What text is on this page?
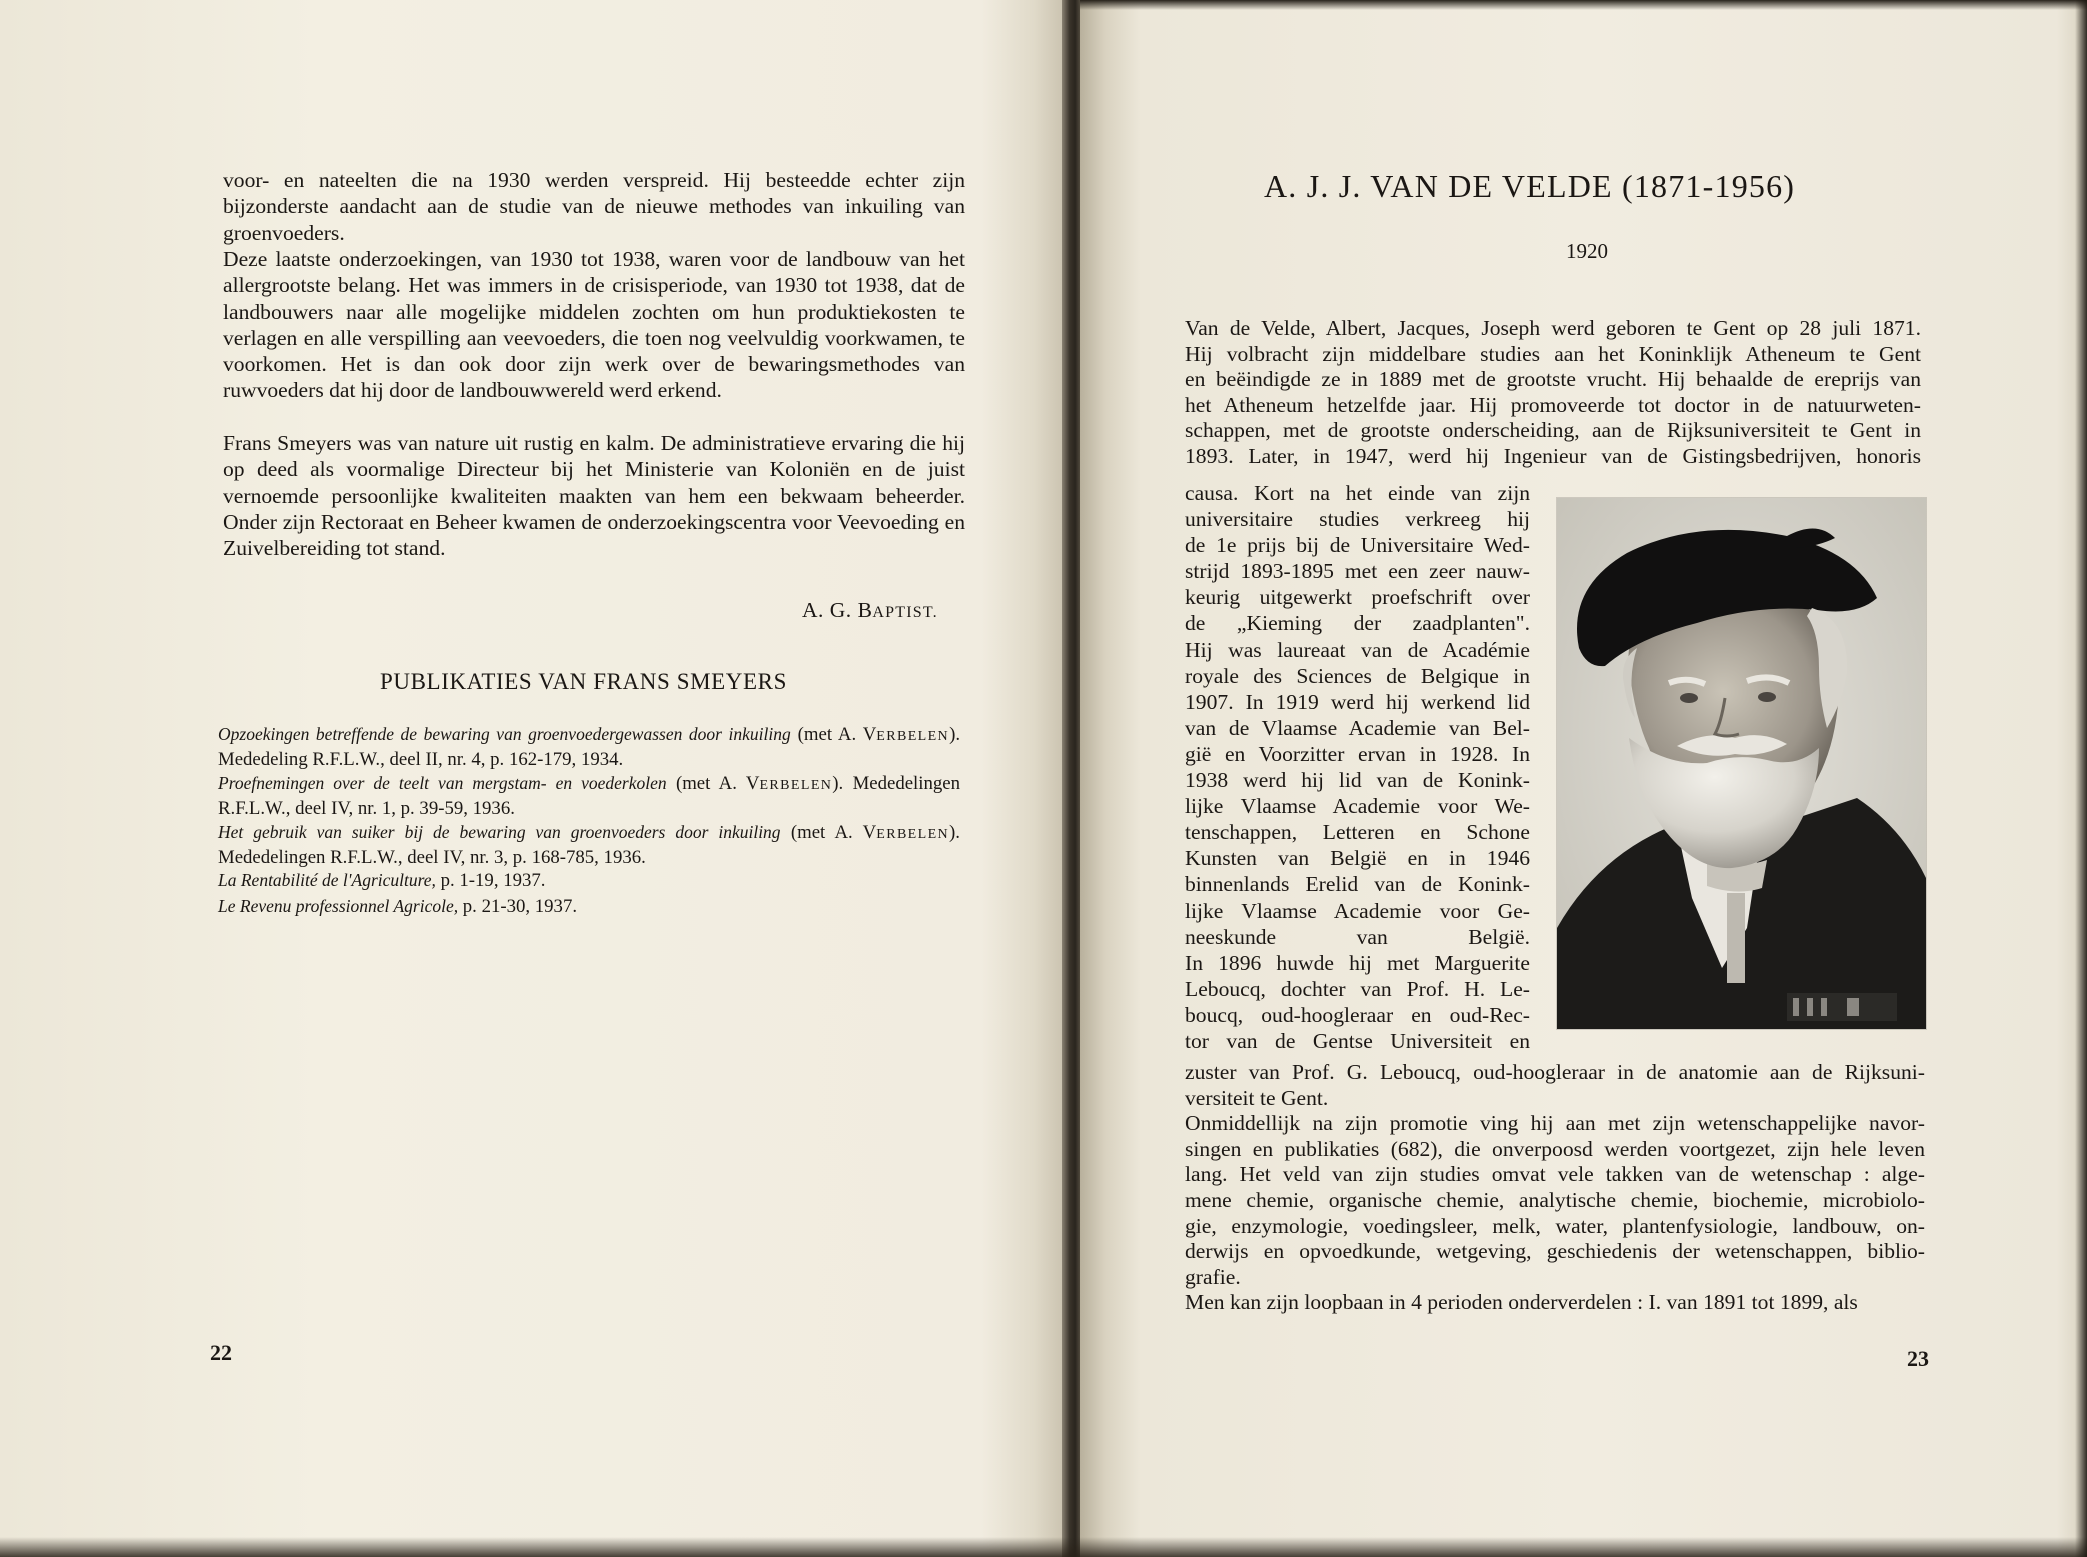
voor- en nateelten die na 1930 werden verspreid. Hij besteedde echter zijn bijzonderste aandacht aan de studie van de nieuwe methodes van inkuiling van groenvoeders.

Deze laatste onderzoekingen, van 1930 tot 1938, waren voor de landbouw van het allergrootste belang. Het was immers in de crisisperiode, van 1930 tot 1938, dat de landbouwers naar alle mogelijke middelen zochten om hun produktiekosten te verlagen en alle verspilling aan veevoeders, die toen nog veelvuldig voorkwamen, te voorkomen. Het is dan ook door zijn werk over de bewaringsmethodes van ruwvoeders dat hij door de landbouwwereld werd erkend.

Frans Smeyers was van nature uit rustig en kalm. De administratieve ervaring die hij op deed als voormalige Directeur bij het Ministerie van Koloniën en de juist vernoemde persoonlijke kwaliteiten maakten van hem een bekwaam beheerder. Onder zijn Rectoraat en Beheer kwamen de onderzoekingscentra voor Veevoeding en Zuivelbereiding tot stand.

A. G. BAPTIST.
PUBLIKATIES VAN FRANS SMEYERS
Opzoekingen betreffende de bewaring van groenvoedergewassen door inkuiling (met A. VERBELEN). Mededeling R.F.L.W., deel II, nr. 4, p. 162-179, 1934.
Proefnemingen over de teelt van mergstam- en voederkolen (met A. VERBELEN). Mededelingen R.F.L.W., deel IV, nr. 1, p. 39-59, 1936.
Het gebruik van suiker bij de bewaring van groenvoeders door inkuiling (met A. VERBELEN). Mededelingen R.F.L.W., deel IV, nr. 3, p. 168-785, 1936.
La Rentabilité de l'Agriculture, p. 1-19, 1937.
Le Revenu professionnel Agricole, p. 21-30, 1937.
22
A. J. J. VAN DE VELDE (1871-1956)
1920
Van de Velde, Albert, Jacques, Joseph werd geboren te Gent op 28 juli 1871.
Hij volbracht zijn middelbare studies aan het Koninklijk Atheneum te Gent
en beëindigde ze in 1889 met de grootste vrucht. Hij behaalde de ereprijs van
het Atheneum hetzelfde jaar. Hij promoveerde tot doctor in de natuurweten-
schappen, met de grootste onderscheiding, aan de Rijksuniversiteit te Gent in
1893. Later, in 1947, werd hij Ingenieur van de Gistingsbedrijven, honoris
causa. Kort na het einde van zijn
universitaire studies verkreeg hij
de 1e prijs bij de Universitaire Wed-
strijd 1893-1895 met een zeer nauw-
keurig uitgewerkt proefschrift over
de „Kieming der zaadplanten".
Hij was laureaat van de Académie
royale des Sciences de Belgique in
1907. In 1919 werd hij werkend lid
van de Vlaamse Academie van Bel-
gië en Voorzitter ervan in 1928. In
1938 werd hij lid van de Konink-
lijke Vlaamse Academie voor We-
tenschappen, Letteren en Schone
Kunsten van België en in 1946
binnenlands Erelid van de Konink-
lijke Vlaamse Academie voor Ge-
neeskunde van België.
In 1896 huwde hij met Marguerite
Leboucq, dochter van Prof. H. Le-
boucq, oud-hoogleraar en oud-Rec-
tor van de Gentse Universiteit en
zuster van Prof. G. Leboucq, oud-hoogleraar in de anatomie aan de Rijksuni-
versiteit te Gent.
Onmiddellijk na zijn promotie ving hij aan met zijn wetenschappelijke navor-
singen en publikaties (682), die onverpoosd werden voortgezet, zijn hele leven
lang. Het veld van zijn studies omvat vele takken van de wetenschap : alge-
mene chemie, organische chemie, analytische chemie, biochemie, microbiolo-
gie, enzymologie, voedingsleer, melk, water, plantenfysiologie, landbouw, on-
derwijs en opvoedkunde, wetgeving, geschiedenis der wetenschappen, biblio-
grafie.
Men kan zijn loopbaan in 4 perioden onderverdelen : I. van 1891 tot 1899, als
23
